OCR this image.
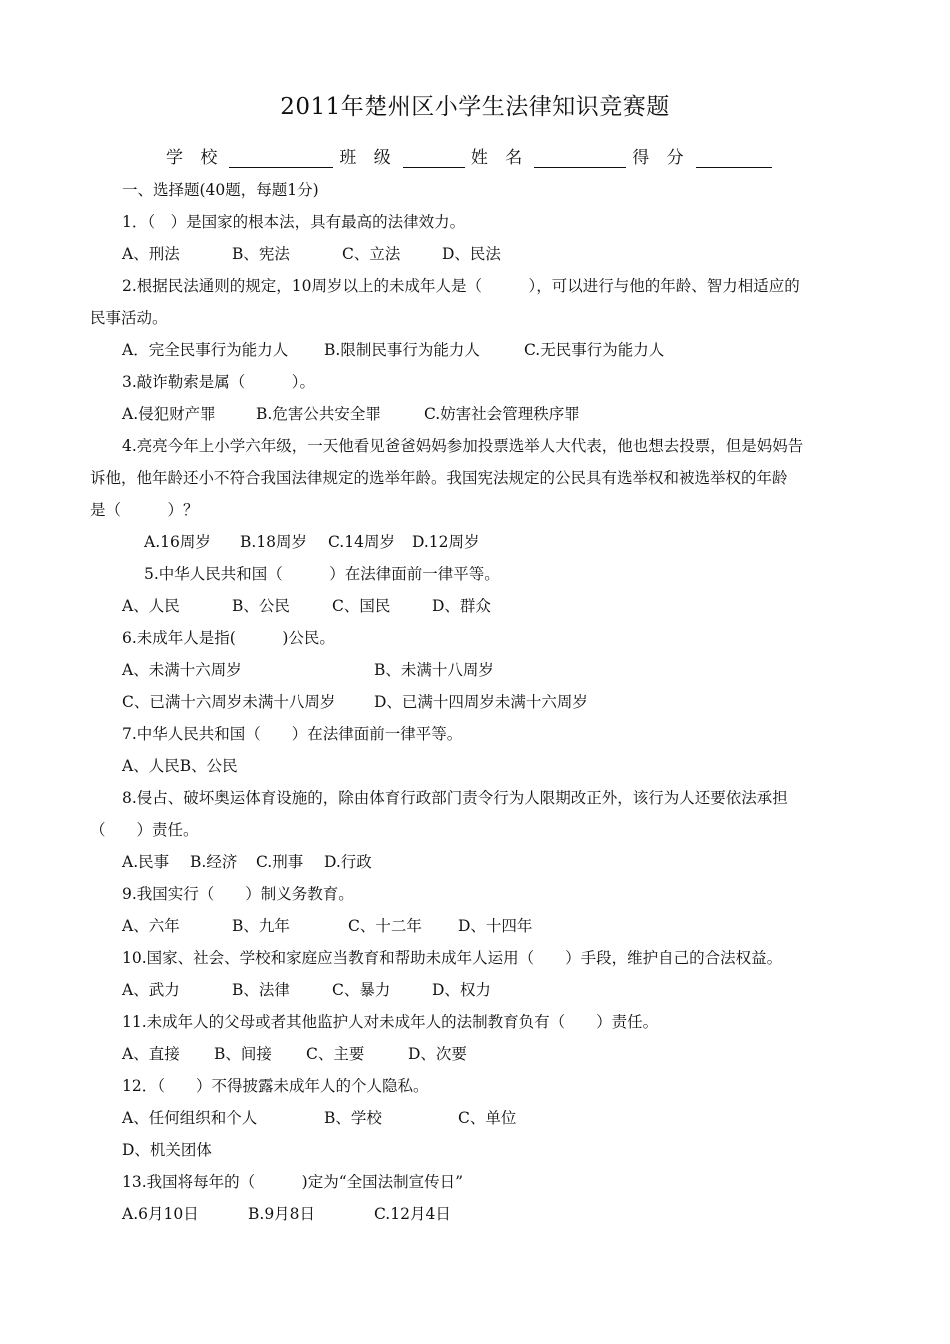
2011年楚州区小学生法律知识竞赛题
学 校	班 级	姓 名	得 分
一、选择题(40题，每题1分)
1．（　）是国家的根本法，具有最高的法律效力。
A、刑法	B、宪法	C、立法	D、民法
2.根据民法通则的规定，10周岁以上的未成年人是（　　　），可以进行与他的年龄、智力相适应的
民事活动。
A．完全民事行为能力人 B.限制民事行为能力人	C.无民事行为能力人
3.敲诈勒索是属（　　　）。
A.侵犯财产罪	B.危害公共安全罪	C.妨害社会管理秩序罪
4.亮亮今年上小学六年级，一天他看见爸爸妈妈参加投票选举人大代表，他也想去投票，但是妈妈告
诉他，他年龄还小不符合我国法律规定的选举年龄。我国宪法规定的公民具有选举权和被选举权的年龄
是（　　　）？
A.16周岁 B.18周岁 C.14周岁 D.12周岁
5.中华人民共和国（　　　）在法律面前一律平等。
A、人民	B、公民	C、国民	D、群众
6.未成年人是指(　　　)公民。
A、未满十六周岁	B、未满十八周岁
C、已满十六周岁未满十八周岁 D、已满十四周岁未满十六周岁
7.中华人民共和国（　　）在法律面前一律平等。
A、人民B、公民
8.侵占、破坏奥运体育设施的，除由体育行政部门责令行为人限期改正外，该行为人还要依法承担
（　　）责任。
A.民事 B.经济 C.刑事 D.行政
9.我国实行（　　）制义务教育。
A、六年	B、九年	C、十二年 D、十四年
10.国家、社会、学校和家庭应当教育和帮助未成年人运用（　　）手段，维护自己的合法权益。
A、武力	B、法律	C、暴力	D、权力
11.未成年人的父母或者其他监护人对未成年人的法制教育负有（　　）责任。
A、直接 B、间接 C、主要	D、次要
12．（　　）不得披露未成年人的个人隐私。
A、任何组织和个人	B、学校	C、单位
D、机关团体
13.我国将每年的（　　　)定为“全国法制宣传日”
A.6月10日	B.9月8日	C.12月4日
